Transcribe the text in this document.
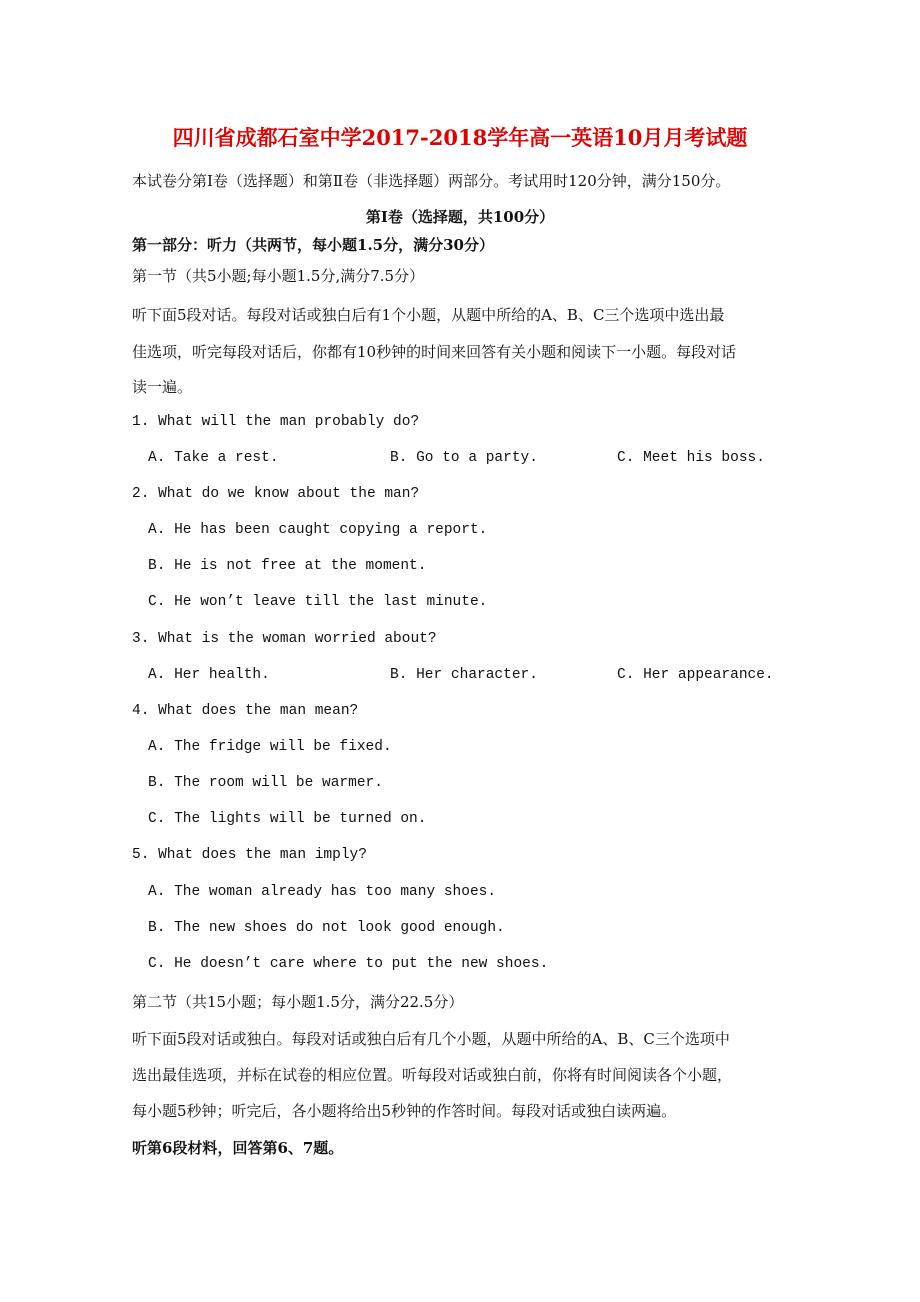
四川省成都石室中学2017-2018学年高一英语10月月考试题
本试卷分第Ⅰ卷（选择题）和第Ⅱ卷（非选择题）两部分。考试用时120分钟，满分150分。
第Ⅰ卷（选择题，共100分）
第一部分：听力（共两节，每小题1.5分，满分30分）
第一节（共5小题;每小题1.5分,满分7.5分）
听下面5段对话。每段对话或独白后有1个小题，从题中所给的A、B、C三个选项中选出最
佳选项，听完每段对话后，你都有10秒钟的时间来回答有关小题和阅读下一小题。每段对话
读一遍。
1. What will the man probably do?
A. Take a rest.	B. Go to a party.	C. Meet his boss.
2. What do we know about the man?
A. He has been caught copying a report.
B. He is not free at the moment.
C. He won’t leave till the last minute.
3. What is the woman worried about?
A. Her health.	B. Her character.	C. Her appearance.
4. What does the man mean?
A. The fridge will be fixed.
B. The room will be warmer.
C. The lights will be turned on.
5. What does the man imply?
A. The woman already has too many shoes.
B. The new shoes do not look good enough.
C. He doesn’t care where to put the new shoes.
第二节（共15小题；每小题1.5分，满分22.5分）
听下面5段对话或独白。每段对话或独白后有几个小题，从题中所给的A、B、C三个选项中
选出最佳选项，并标在试卷的相应位置。听每段对话或独白前，你将有时间阅读各个小题，
每小题5秒钟；听完后，各小题将给出5秒钟的作答时间。每段对话或独白读两遍。
听第6段材料，回答第6、7题。
